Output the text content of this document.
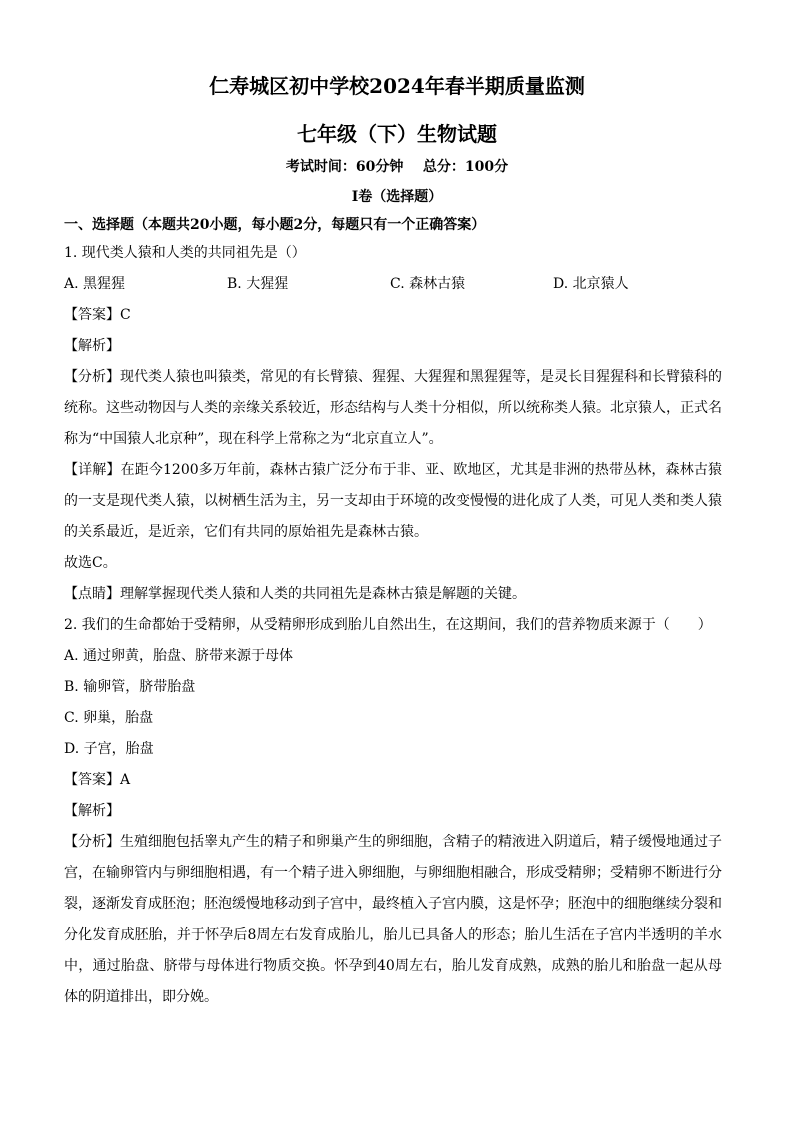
仁寿城区初中学校2024年春半期质量监测
七年级（下）生物试题
考试时间：60分钟    总分：100分
Ⅰ卷（选择题）
一、选择题（本题共20小题，每小题2分，每题只有一个正确答案）
1. 现代类人猿和人类的共同祖先是（）
A. 黑猩猩	B. 大猩猩	C. 森林古猿	D. 北京猿人
【答案】C
【解析】
【分析】现代类人猿也叫猿类，常见的有长臂猿、猩猩、大猩猩和黑猩猩等，是灵长目猩猩科和长臂猿科的统称。这些动物因与人类的亲缘关系较近，形态结构与人类十分相似，所以统称类人猿。北京猿人，正式名称为“中国猿人北京种”，现在科学上常称之为“北京直立人”。
【详解】在距今1200多万年前，森林古猿广泛分布于非、亚、欧地区，尤其是非洲的热带丛林，森林古猿的一支是现代类人猿，以树栖生活为主，另一支却由于环境的改变慢慢的进化成了人类，可见人类和类人猿的关系最近，是近亲，它们有共同的原始祖先是森林古猿。
故选C。
【点睛】理解掌握现代类人猿和人类的共同祖先是森林古猿是解题的关键。
2. 我们的生命都始于受精卵，从受精卵形成到胎儿自然出生，在这期间，我们的营养物质来源于（　　）
A. 通过卵黄，胎盘、脐带来源于母体
B. 输卵管，脐带胎盘
C. 卵巢，胎盘
D. 子宫，胎盘
【答案】A
【解析】
【分析】生殖细胞包括睾丸产生的精子和卵巢产生的卵细胞，含精子的精液进入阴道后，精子缓慢地通过子宫，在输卵管内与卵细胞相遇，有一个精子进入卵细胞，与卵细胞相融合，形成受精卵；受精卵不断进行分裂，逐渐发育成胚泡；胚泡缓慢地移动到子宫中，最终植入子宫内膜，这是怀孕；胚泡中的细胞继续分裂和分化发育成胚胎，并于怀孕后8周左右发育成胎儿，胎儿已具备人的形态；胎儿生活在子宫内半透明的羊水中，通过胎盘、脐带与母体进行物质交换。怀孕到40周左右，胎儿发育成熟，成熟的胎儿和胎盘一起从母体的阴道排出，即分娩。
